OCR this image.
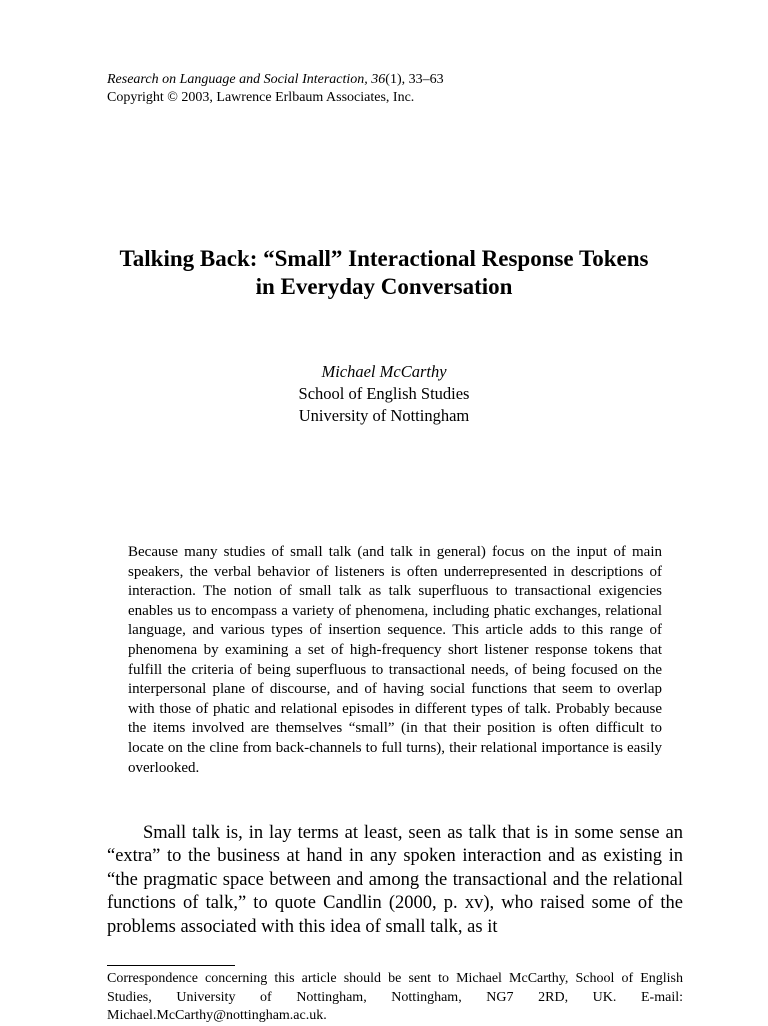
Research on Language and Social Interaction, 36(1), 33–63
Copyright © 2003, Lawrence Erlbaum Associates, Inc.
Talking Back: “Small” Interactional Response Tokens
in Everyday Conversation
Michael McCarthy
School of English Studies
University of Nottingham

Because many studies of small talk (and talk in general) focus on the input of main speakers, the verbal behavior of listeners is often underrepresented in descriptions of interaction. The notion of small talk as talk superfluous to transactional exigencies enables us to encompass a variety of phenomena, including phatic exchanges, relational language, and various types of insertion sequence. This article adds to this range of phenomena by examining a set of high-frequency short listener response tokens that fulfill the criteria of being superfluous to transactional needs, of being focused on the interpersonal plane of discourse, and of having social functions that seem to overlap with those of phatic and relational episodes in different types of talk. Probably because the items involved are themselves “small” (in that their position is often difficult to locate on the cline from back-channels to full turns), their relational importance is easily overlooked.

Small talk is, in lay terms at least, seen as talk that is in some sense an “extra” to the business at hand in any spoken interaction and as existing in “the pragmatic space between and among the transactional and the relational functions of talk,” to quote Candlin (2000, p. xv), who raised some of the problems associated with this idea of small talk, as it

Correspondence concerning this article should be sent to Michael McCarthy, School of English Studies, University of Nottingham, Nottingham, NG7 2RD, UK. E-mail: Michael.McCarthy@nottingham.ac.uk.
